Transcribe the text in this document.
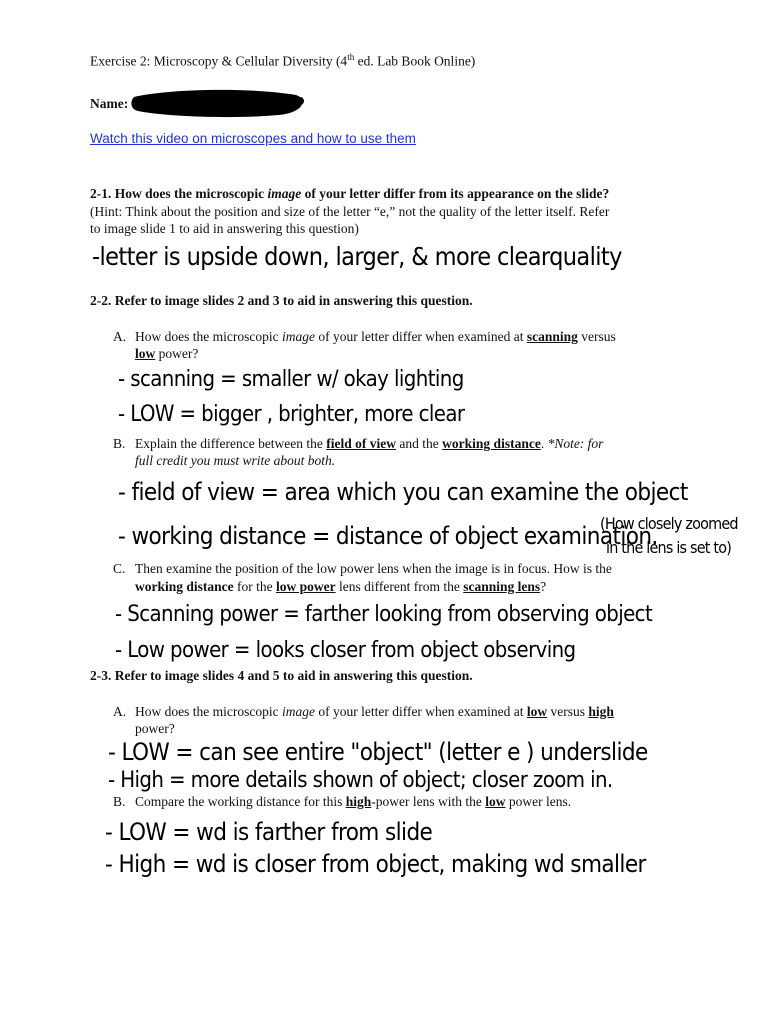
Exercise 2: Microscopy & Cellular Diversity (4th ed. Lab Book Online)
Name:
Watch this video on microscopes and how to use them
2-1. How does the microscopic image of your letter differ from its appearance on the slide?
(Hint: Think about the position and size of the letter “e,” not the quality of the letter itself. Refer
to image slide 1 to aid in answering this question)
-letter is upside down, larger, & more clearquality
2-2. Refer to image slides 2 and 3 to aid in answering this question.
A. How does the microscopic image of your letter differ when examined at scanning versus
low power?
- scanning = smaller w/ okay lighting
- LOW = bigger , brighter, more clear
B. Explain the difference between the field of view and the working distance. *Note: for
full credit you must write about both.
- field of view = area which you can examine the object
- working distance = distance of object examination.
(How closely zoomed
in the lens is set to)
C. Then examine the position of the low power lens when the image is in focus. How is the
working distance for the low power lens different from the scanning lens?
- Scanning power = farther looking from observing object
- Low power = looks closer from object observing
2-3. Refer to image slides 4 and 5 to aid in answering this question.
A. How does the microscopic image of your letter differ when examined at low versus high
power?
- LOW = can see entire "object" (letter e ) underslide
- High = more details shown of object; closer zoom in.
B. Compare the working distance for this high-power lens with the low power lens.
- LOW = wd is farther from slide
- High = wd is closer from object, making wd smaller
